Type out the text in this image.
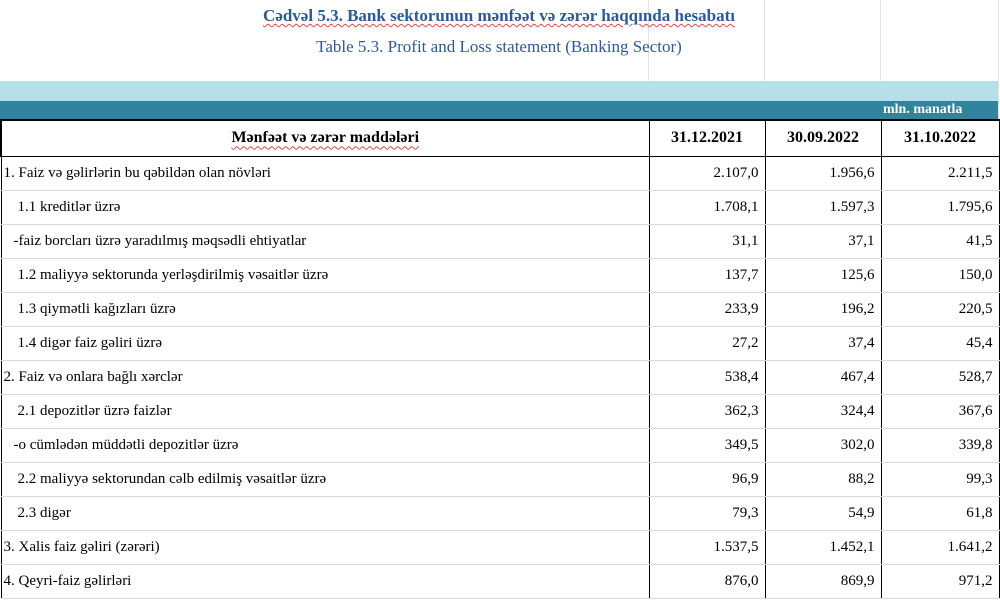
Cədvəl 5.3. Bank sektorunun mənfəət və zərər haqqında hesabatı
Table 5.3. Profit and Loss statement (Banking Sector)
mln. manatla
Mənfəət və zərər maddələri	31.12.2021	30.09.2022	31.10.2022
1. Faiz və gəlirlərin bu qəbildən olan növləri	2.107,0	1.956,6	2.211,5
1.1 kreditlər üzrə	1.708,1	1.597,3	1.795,6
-faiz borcları üzrə yaradılmış məqsədli ehtiyatlar	31,1	37,1	41,5
1.2 maliyyə sektorunda yerləşdirilmiş vəsaitlər üzrə	137,7	125,6	150,0
1.3 qiymətli kağızları üzrə	233,9	196,2	220,5
1.4 digər faiz gəliri üzrə	27,2	37,4	45,4
2. Faiz və onlara bağlı xərclər	538,4	467,4	528,7
2.1 depozitlər üzrə faizlər	362,3	324,4	367,6
-o cümlədən müddətli depozitlər üzrə	349,5	302,0	339,8
2.2 maliyyə sektorundan cəlb edilmiş vəsaitlər üzrə	96,9	88,2	99,3
2.3 digər	79,3	54,9	61,8
3. Xalis faiz gəliri (zərəri)	1.537,5	1.452,1	1.641,2
4. Qeyri-faiz gəlirləri	876,0	869,9	971,2
